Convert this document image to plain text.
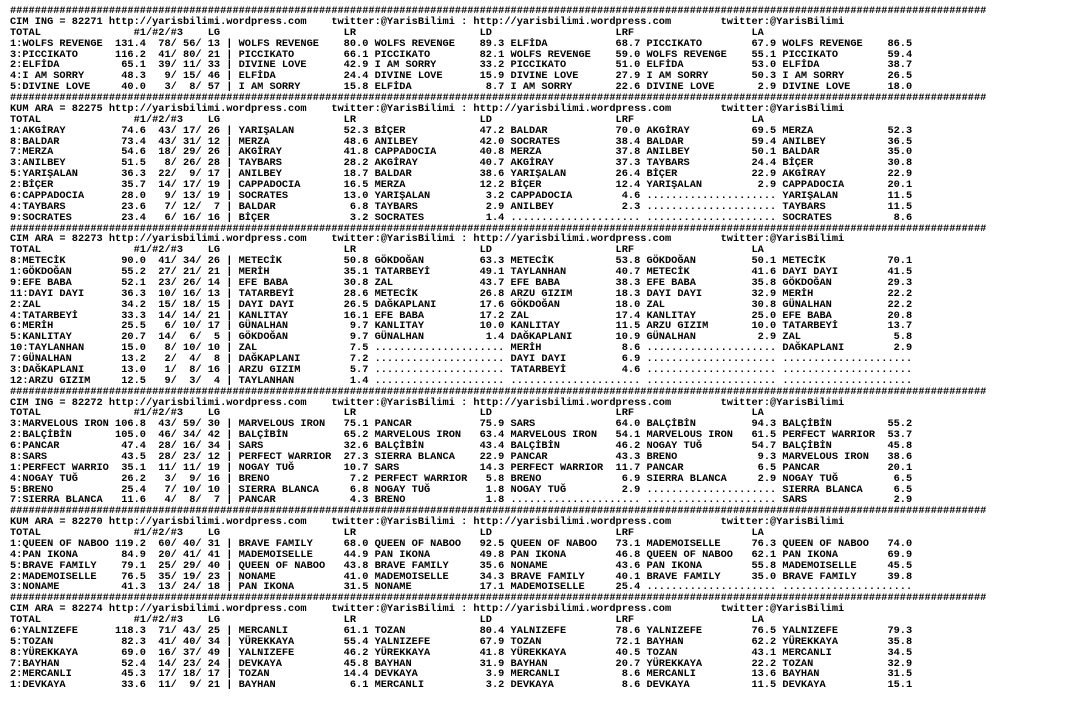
##############################################################################################################################################################
CIM ING = 82271 http://yarisbilimi.wordpress.com    twitter:@YarisBilimi : http://yarisbilimi.wordpress.com        twitter:@YarisBilimi
TOTAL               #1/#2/#3    LG                    LR                    LD                    LRF                   LA
1:WOLFS REVENGE  131.4  78/ 56/ 13 | WOLFS REVENGE    80.0 WOLFS REVENGE    89.3 ELFİDA           68.7 PICCIKATO        67.9 WOLFS REVENGE    86.5
3:PICCIKATO      116.2  41/ 80/ 21 | PICCIKATO        66.1 PICCIKATO        82.1 WOLFS REVENGE    59.0 WOLFS REVENGE    55.1 PICCIKATO        59.4
2:ELFİDA          65.1  39/ 11/ 33 | DIVINE LOVE      42.9 I AM SORRY       33.2 PICCIKATO        51.0 ELFİDA           53.0 ELFİDA           38.7
4:I AM SORRY      48.3   9/ 15/ 46 | ELFİDA           24.4 DIVINE LOVE      15.9 DIVINE LOVE      27.9 I AM SORRY       50.3 I AM SORRY       26.5
5:DIVINE LOVE     40.0   3/  8/ 57 | I AM SORRY       15.8 ELFİDA            8.7 I AM SORRY       22.6 DIVINE LOVE       2.9 DIVINE LOVE      18.0
##############################################################################################################################################################
KUM ARA = 82275 http://yarisbilimi.wordpress.com    twitter:@YarisBilimi : http://yarisbilimi.wordpress.com        twitter:@YarisBilimi
TOTAL               #1/#2/#3    LG                    LR                    LD                    LRF                   LA
1:AKGİRAY         74.6  43/ 17/ 26 | YARIŞALAN        52.3 BİÇER            47.2 BALDAR           70.0 AKGİRAY          69.5 MERZA            52.3
8:BALDAR          73.4  43/ 31/ 12 | MERZA            48.6 ANILBEY          42.0 SOCRATES         38.4 BALDAR           59.4 ANILBEY          36.5
7:MERZA           54.6  18/ 29/ 26 | AKGİRAY          41.8 CAPPADOCIA       40.8 MERZA            37.8 ANILBEY          50.1 BALDAR           35.0
3:ANILBEY         51.5   8/ 26/ 28 | TAYBARS          28.2 AKGİRAY          40.7 AKGİRAY          37.3 TAYBARS          24.4 BİÇER            30.8
5:YARIŞALAN       36.3  22/  9/ 17 | ANILBEY          18.7 BALDAR           38.6 YARIŞALAN        26.4 BİÇER            22.9 AKGİRAY          22.9
2:BİÇER           35.7  14/ 17/ 19 | CAPPADOCIA       16.5 MERZA            12.2 BİÇER            12.4 YARIŞALAN         2.9 CAPPADOCIA       20.1
6:CAPPADOCIA      28.0   9/ 13/ 19 | SOCRATES         13.0 YARIŞALAN         3.2 CAPPADOCIA        4.6 ..................... YARIŞALAN        11.5
4:TAYBARS         23.6   7/ 12/  7 | BALDAR            6.8 TAYBARS           2.9 ANILBEY           2.3 ..................... TAYBARS          11.5
9:SOCRATES        23.4   6/ 16/ 16 | BİÇER             3.2 SOCRATES          1.4 ..................... ..................... SOCRATES          8.6
##############################################################################################################################################################
CIM ARA = 82273 http://yarisbilimi.wordpress.com    twitter:@YarisBilimi : http://yarisbilimi.wordpress.com        twitter:@YarisBilimi
TOTAL               #1/#2/#3    LG                    LR                    LD                    LRF                   LA
8:METECİK         90.0  41/ 34/ 26 | METECİK          50.8 GÖKDOĞAN         63.3 METECİK          53.8 GÖKDOĞAN         50.1 METECİK          70.1
1:GÖKDOĞAN        55.2  27/ 21/ 21 | MERİH            35.1 TATARBEYİ        49.1 TAYLANHAN        40.7 METECİK          41.6 DAYI DAYI        41.5
9:EFE BABA        52.1  23/ 26/ 14 | EFE BABA         30.8 ZAL              43.7 EFE BABA         38.3 EFE BABA         35.8 GÖKDOĞAN         29.3
11:DAYI DAYI      36.3  10/ 16/ 13 | TATARBEYİ        28.6 METECİK          26.8 ARZU GIZIM       18.3 DAYI DAYI        32.9 MERİH            22.2
2:ZAL             34.2  15/ 18/ 15 | DAYI DAYI        26.5 DAĞKAPLANI       17.6 GÖKDOĞAN         18.0 ZAL              30.8 GÜNALHAN         22.2
4:TATARBEYİ       33.3  14/ 14/ 21 | KANLITAY         16.1 EFE BABA         17.2 ZAL              17.4 KANLITAY         25.0 EFE BABA         20.8
6:MERİH           25.5   6/ 10/ 17 | GÜNALHAN          9.7 KANLITAY         10.0 KANLITAY         11.5 ARZU GIZIM       10.0 TATARBEYİ        13.7
5:KANLITAY        20.7  14/  6/  5 | GÖKDOĞAN          9.7 GÜNALHAN          1.4 DAĞKAPLANI       10.9 GÜNALHAN          2.9 ZAL               5.8
10:TAYLANHAN      15.0   8/ 10/ 10 | ZAL               7.5 ..................... MERİH             8.6 ..................... DAĞKAPLANI        2.9
7:GÜNALHAN        13.2   2/  4/  8 | DAĞKAPLANI        7.2 ..................... DAYI DAYI         6.9 ..................... .....................
3:DAĞKAPLANI      13.0   1/  8/ 16 | ARZU GIZIM        5.7 ..................... TATARBEYİ         4.6 ..................... .....................
12:ARZU GIZIM     12.5   9/  3/  4 | TAYLANHAN         1.4 ..................... ..................... ..................... .....................
##############################################################################################################################################################
CIM ING = 82272 http://yarisbilimi.wordpress.com    twitter:@YarisBilimi : http://yarisbilimi.wordpress.com        twitter:@YarisBilimi
TOTAL               #1/#2/#3    LG                    LR                    LD                    LRF                   LA
3:MARVELOUS IRON 106.8  43/ 59/ 30 | MARVELOUS IRON   75.1 PANCAR           75.9 SARS             64.0 BALÇİBİN         94.3 BALÇİBİN         55.2
2:BALÇİBİN       105.0  46/ 34/ 42 | BALÇİBİN         65.2 MARVELOUS IRON   63.4 MARVELOUS IRON   54.1 MARVELOUS IRON   61.5 PERFECT WARRIOR  53.7
6:PANCAR          47.4  28/ 16/ 34 | SARS             32.6 BALÇİBİN         43.4 BALÇİBİN         46.2 NOGAY TUĞ        54.7 BALÇİBİN         45.8
8:SARS            43.5  28/ 23/ 12 | PERFECT WARRIOR  27.3 SIERRA BLANCA    22.9 PANCAR           43.3 BRENO             9.3 MARVELOUS IRON   38.6
1:PERFECT WARRIO  35.1  11/ 11/ 19 | NOGAY TUĞ        10.7 SARS             14.3 PERFECT WARRIOR  11.7 PANCAR            6.5 PANCAR           20.1
4:NOGAY TUĞ       26.2   3/  9/ 16 | BRENO             7.2 PERFECT WARRIOR   5.8 BRENO             6.9 SIERRA BLANCA     2.9 NOGAY TUĞ         6.5
5:BRENO           25.4   7/ 10/ 10 | SIERRA BLANCA     6.8 NOGAY TUĞ         1.8 NOGAY TUĞ         2.9 ..................... SIERRA BLANCA     6.5
7:SIERRA BLANCA   11.6   4/  8/  7 | PANCAR            4.3 BRENO             1.8 ..................... ..................... SARS              2.9
##############################################################################################################################################################
KUM ARA = 82270 http://yarisbilimi.wordpress.com    twitter:@YarisBilimi : http://yarisbilimi.wordpress.com        twitter:@YarisBilimi
TOTAL               #1/#2/#3    LG                    LR                    LD                    LRF                   LA
1:QUEEN OF NABOO 119.2  60/ 40/ 31 | BRAVE FAMILY     68.0 QUEEN OF NABOO   92.5 QUEEN OF NABOO   73.1 MADEMOISELLE     76.3 QUEEN OF NABOO   74.0
4:PAN IKONA       84.9  20/ 41/ 41 | MADEMOISELLE     44.9 PAN IKONA        49.8 PAN IKONA        46.8 QUEEN OF NABOO   62.1 PAN IKONA        69.9
5:BRAVE FAMILY    79.1  25/ 29/ 40 | QUEEN OF NABOO   43.8 BRAVE FAMILY     35.6 NONAME           43.6 PAN IKONA        55.8 MADEMOISELLE     45.5
2:MADEMOISELLE    76.5  35/ 19/ 23 | NONAME           41.0 MADEMOISELLE     34.3 BRAVE FAMILY     40.1 BRAVE FAMILY     35.0 BRAVE FAMILY     39.8
3:NONAME          41.3  13/ 24/ 18 | PAN IKONA        31.5 NONAME           17.1 MADEMOISELLE     25.4 ..................... .....................
##############################################################################################################################################################
CIM ARA = 82274 http://yarisbilimi.wordpress.com    twitter:@YarisBilimi : http://yarisbilimi.wordpress.com        twitter:@YarisBilimi
TOTAL               #1/#2/#3    LG                    LR                    LD                    LRF                   LA
6:YALNIZEFE      118.3  71/ 43/ 25 | MERCANLI         61.1 TOZAN            80.4 YALNIZEFE        78.6 YALNIZEFE        76.5 YALNIZEFE        79.3
5:TOZAN           82.3  41/ 40/ 34 | YÜREKKAYA        55.4 YALNIZEFE        67.9 TOZAN            72.1 BAYHAN           62.2 YÜREKKAYA        35.8
8:YÜREKKAYA       69.0  16/ 37/ 49 | YALNIZEFE        46.2 YÜREKKAYA        41.8 YÜREKKAYA        40.5 TOZAN            43.1 MERCANLI         34.5
7:BAYHAN          52.4  14/ 23/ 24 | DEVKAYA          45.8 BAYHAN           31.9 BAYHAN           20.7 YÜREKKAYA        22.2 TOZAN            32.9
2:MERCANLI        45.3  17/ 18/ 17 | TOZAN            14.4 DEVKAYA           3.9 MERCANLI          8.6 MERCANLI         13.6 BAYHAN           31.5
1:DEVKAYA         33.6  11/  9/ 21 | BAYHAN            6.1 MERCANLI          3.2 DEVKAYA           8.6 DEVKAYA          11.5 DEVKAYA          15.1
